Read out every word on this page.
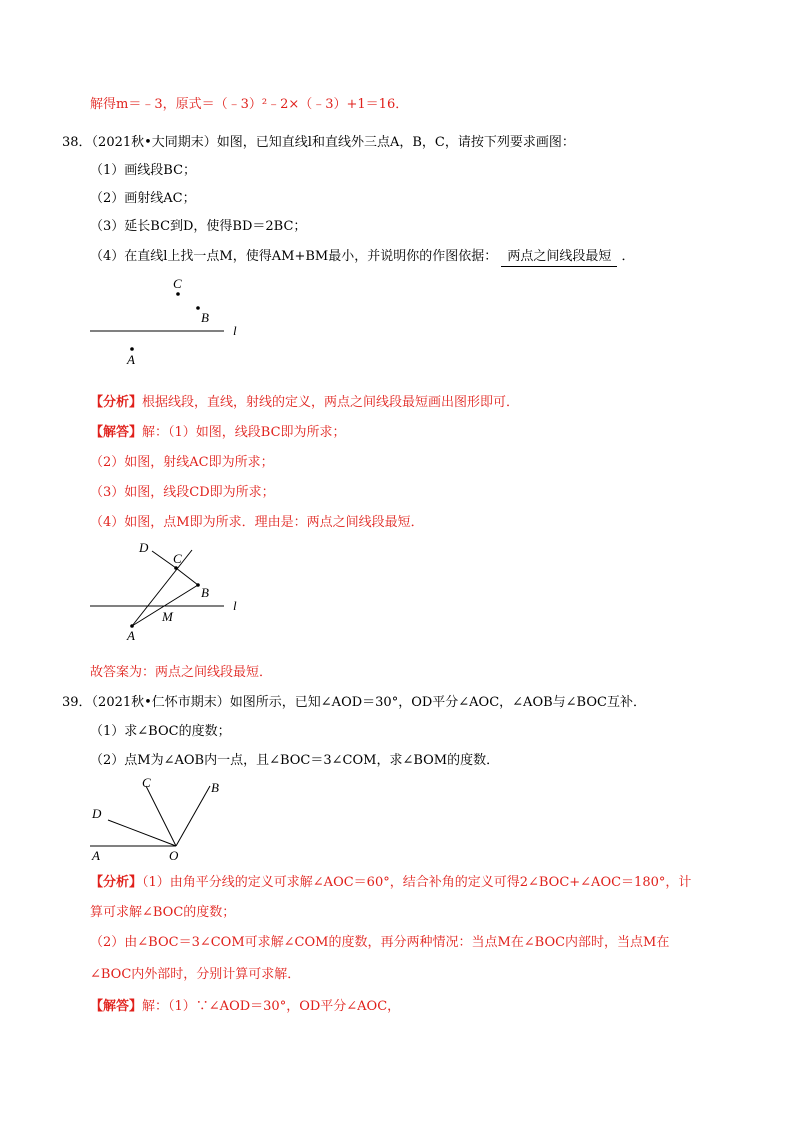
解得m＝﹣3，原式＝（﹣3）²﹣2×（﹣3）+1＝16．
38．（2021秋•大同期末）如图，已知直线l和直线外三点A，B，C，请按下列要求画图：
（1）画线段BC；
（2）画射线AC；
（3）延长BC到D，使得BD＝2BC；
（4）在直线l上找一点M，使得AM+BM最小，并说明你的作图依据： 两点之间线段最短 ．
C
B
l
A
【分析】根据线段，直线，射线的定义，两点之间线段最短画出图形即可．
【解答】解：（1）如图，线段BC即为所求；
（2）如图，射线AC即为所求；
（3）如图，线段CD即为所求；
（4）如图，点M即为所求．理由是：两点之间线段最短．
D
C
B
l
M
A
故答案为：两点之间线段最短．
39．（2021秋•仁怀市期末）如图所示，已知∠AOD＝30°，OD平分∠AOC，∠AOB与∠BOC互补．
（1）求∠BOC的度数；
（2）点M为∠AOB内一点，且∠BOC＝3∠COM，求∠BOM的度数．
C	B
D
A	O
【分析】（1）由角平分线的定义可求解∠AOC＝60°，结合补角的定义可得2∠BOC+∠AOC＝180°，计
算可求解∠BOC的度数；
（2）由∠BOC＝3∠COM可求解∠COM的度数，再分两种情况：当点M在∠BOC内部时，当点M在
∠BOC内外部时，分别计算可求解．
【解答】解：（1）∵∠AOD＝30°，OD平分∠AOC，
